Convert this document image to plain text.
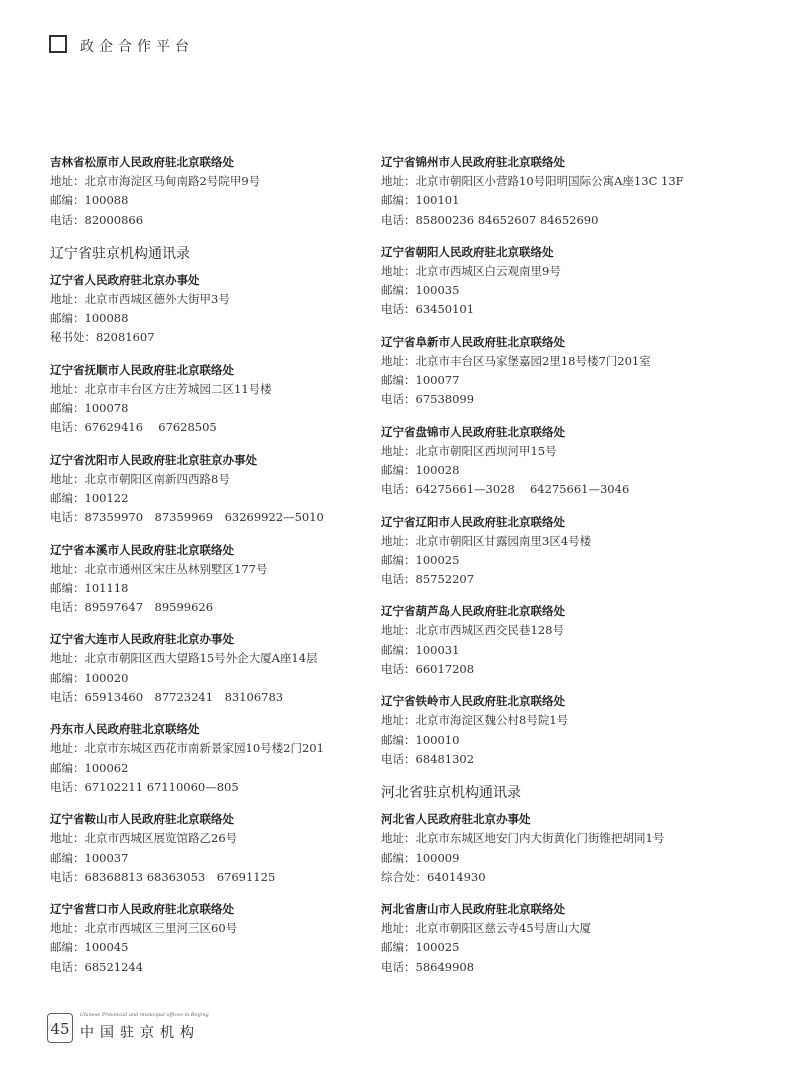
政企合作平台
吉林省松原市人民政府驻北京联络处
地址：北京市海淀区马甸南路2号院甲9号
邮编：100088
电话：82000866
辽宁省驻京机构通讯录
辽宁省人民政府驻北京办事处
地址：北京市西城区德外大街甲3号
邮编：100088
秘书处：82081607
辽宁省抚顺市人民政府驻北京联络处
地址：北京市丰台区方庄芳城园二区11号楼
邮编：100078
电话：67629416　 67628505
辽宁省沈阳市人民政府驻北京驻京办事处
地址：北京市朝阳区南新四西路8号
邮编：100122
电话：87359970　87359969　63269922—5010
辽宁省本溪市人民政府驻北京联络处
地址：北京市通州区宋庄丛林别墅区177号
邮编：101118
电话：89597647　89599626
辽宁省大连市人民政府驻北京办事处
地址：北京市朝阳区西大望路15号外企大厦A座14层
邮编：100020
电话：65913460　87723241　83106783
丹东市人民政府驻北京联络处
地址：北京市东城区西花市南新景家园10号楼2门201
邮编：100062
电话：67102211 67110060—805
辽宁省鞍山市人民政府驻北京联络处
地址：北京市西城区展览馆路乙26号
邮编：100037
电话：68368813 68363053　67691125
辽宁省营口市人民政府驻北京联络处
地址：北京市西城区三里河三区60号
邮编：100045
电话：68521244
辽宁省锦州市人民政府驻北京联络处
地址：北京市朝阳区小营路10号阳明国际公寓A座13C 13F
邮编：100101
电话：85800236 84652607 84652690
辽宁省朝阳人民政府驻北京联络处
地址：北京市西城区白云观南里9号
邮编：100035
电话：63450101
辽宁省阜新市人民政府驻北京联络处
地址：北京市丰台区马家堡嘉园2里18号楼7门201室
邮编：100077
电话：67538099
辽宁省盘锦市人民政府驻北京联络处
地址：北京市朝阳区西坝河甲15号
邮编：100028
电话：64275661—3028　 64275661—3046
辽宁省辽阳市人民政府驻北京联络处
地址：北京市朝阳区甘露园南里3区4号楼
邮编：100025
电话：85752207
辽宁省葫芦岛人民政府驻北京联络处
地址：北京市西城区西交民巷128号
邮编：100031
电话：66017208
辽宁省铁岭市人民政府驻北京联络处
地址：北京市海淀区魏公村8号院1号
邮编：100010
电话：68481302
河北省驻京机构通讯录
河北省人民政府驻北京办事处
地址：北京市东城区地安门内大街黄化门街锥把胡同1号
邮编：100009
综合处：64014930
河北省唐山市人民政府驻北京联络处
地址：北京市朝阳区慈云寺45号唐山大厦
邮编：100025
电话：58649908
45
Chinese Provincial and municipal offices in Beijing
中国驻京机构
